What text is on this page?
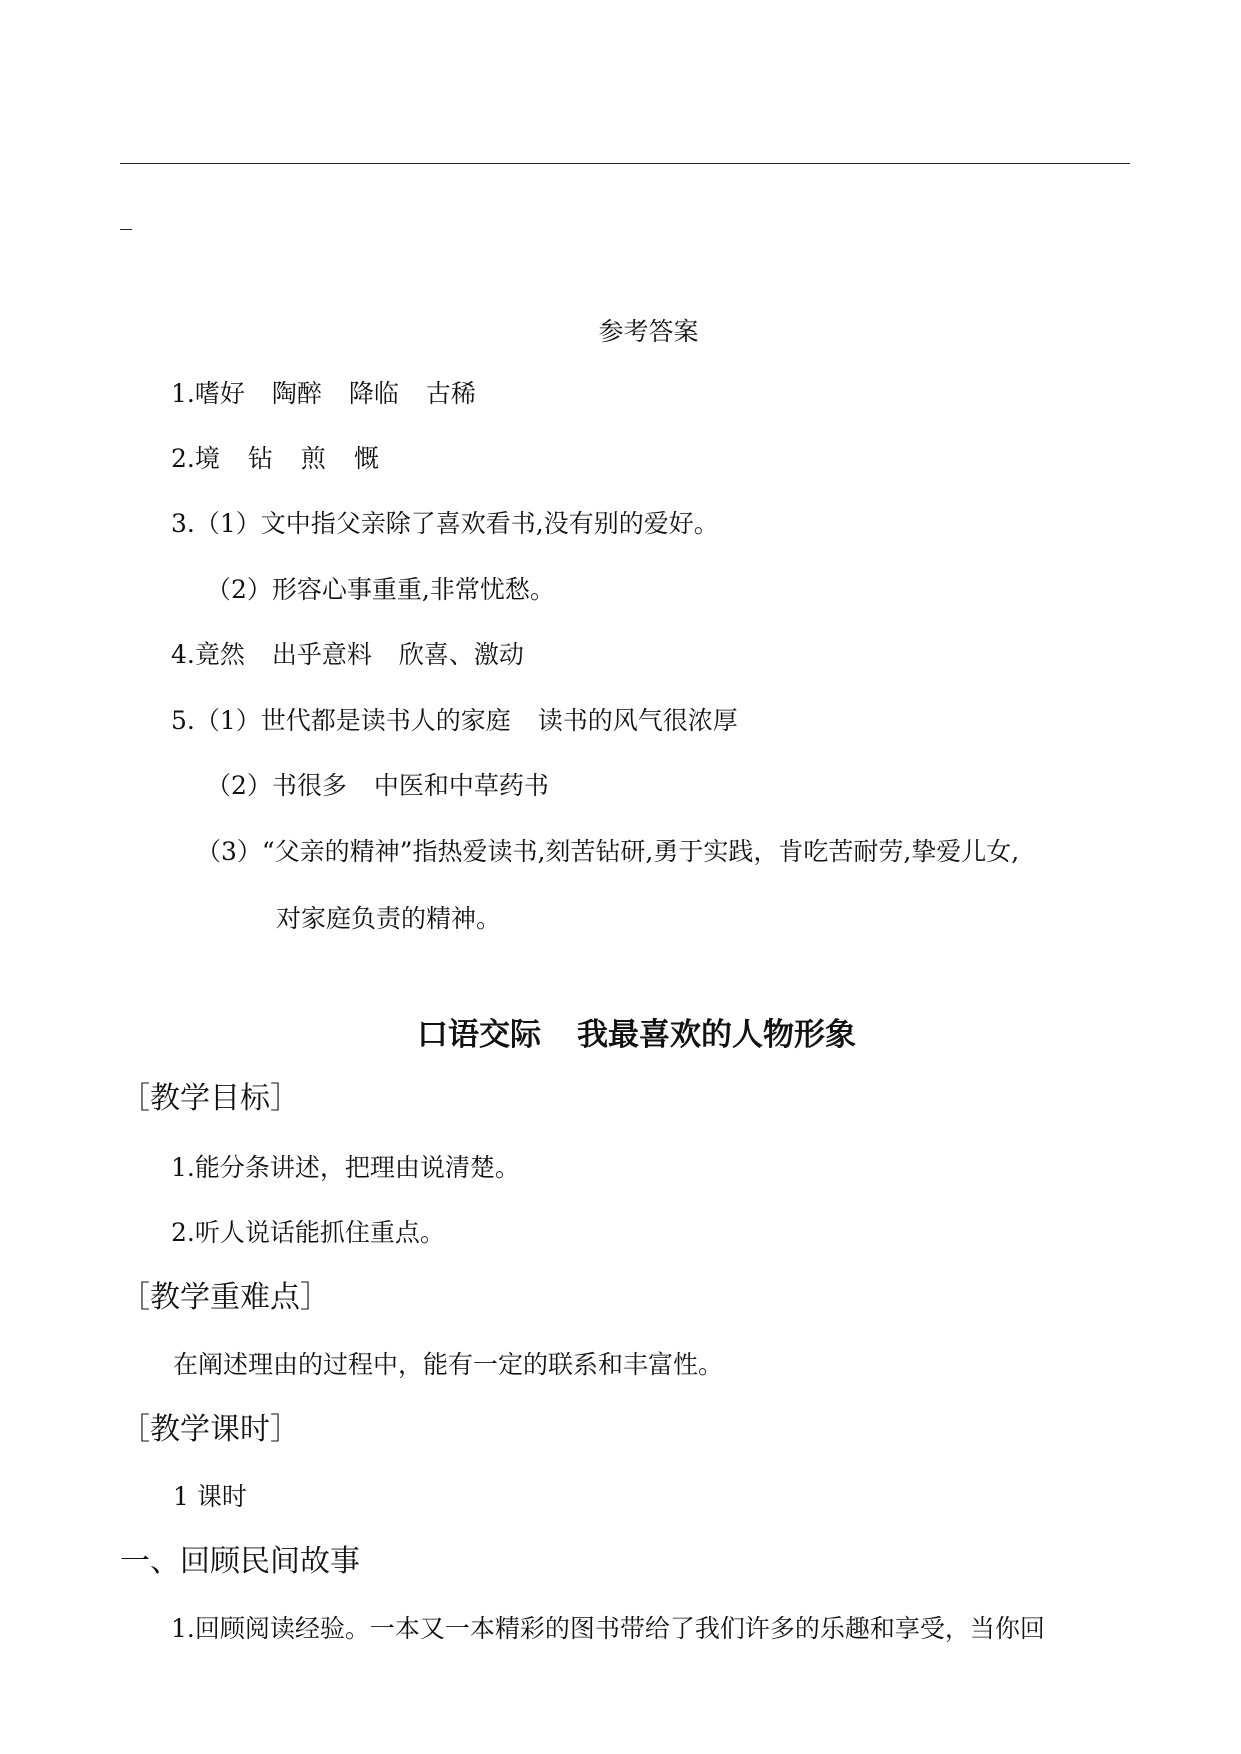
参考答案
1.嗜好 陶醉 降临 古稀
2.境 钻 煎 慨
3.（1）文中指父亲除了喜欢看书,没有别的爱好。
（2）形容心事重重,非常忧愁。
4.竟然 出乎意料 欣喜、激动
5.（1）世代都是读书人的家庭 读书的风气很浓厚
（2）书很多 中医和中草药书
（3）“父亲的精神”指热爱读书,刻苦钻研,勇于实践，肯吃苦耐劳,挚爱儿女,
对家庭负责的精神。
口语交际 我最喜欢的人物形象
［教学目标］
1.能分条讲述，把理由说清楚。
2.听人说话能抓住重点。
［教学重难点］
在阐述理由的过程中，能有一定的联系和丰富性。
［教学课时］
1 课时
一、回顾民间故事
1.回顾阅读经验。一本又一本精彩的图书带给了我们许多的乐趣和享受，当你回
